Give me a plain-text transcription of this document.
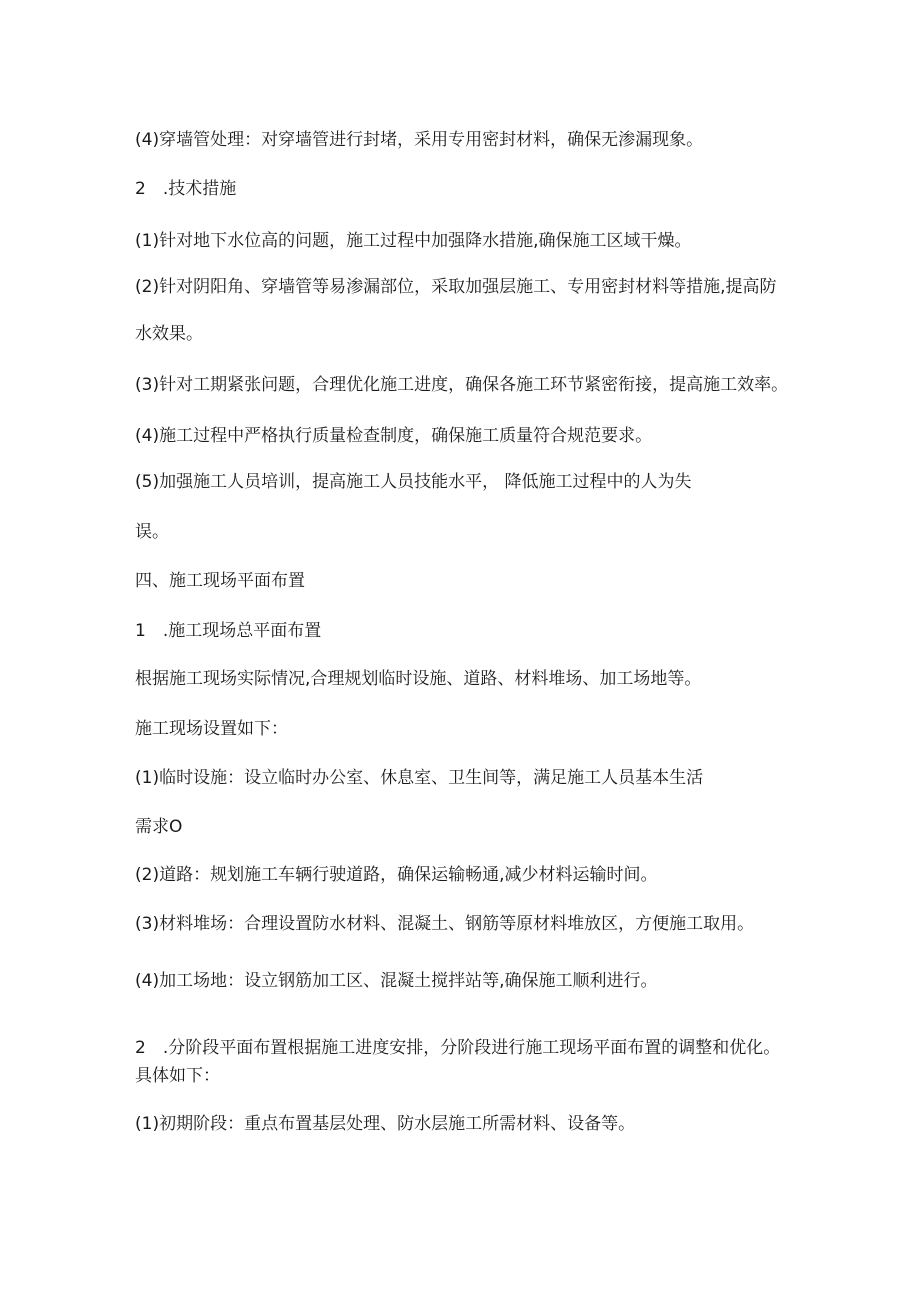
(4)穿墙管处理：对穿墙管进行封堵，采用专用密封材料，确保无渗漏现象。

2　.技术措施

(1)针对地下水位高的问题，施工过程中加强降水措施,确保施工区域干燥。

(2)针对阴阳角、穿墙管等易渗漏部位，采取加强层施工、专用密封材料等措施,提高防

水效果。

(3)针对工期紧张问题，合理优化施工进度，确保各施工环节紧密衔接，提高施工效率。

(4)施工过程中严格执行质量检查制度，确保施工质量符合规范要求。

(5)加强施工人员培训，提高施工人员技能水平， 降低施工过程中的人为失

误。

四、施工现场平面布置

1　.施工现场总平面布置

根据施工现场实际情况,合理规划临时设施、道路、材料堆场、加工场地等。

施工现场设置如下：

(1)临时设施：设立临时办公室、休息室、卫生间等，满足施工人员基本生活

需求O

(2)道路：规划施工车辆行驶道路，确保运输畅通,减少材料运输时间。

(3)材料堆场：合理设置防水材料、混凝土、钢筋等原材料堆放区，方便施工取用。

(4)加工场地：设立钢筋加工区、混凝土搅拌站等,确保施工顺利进行。

2　.分阶段平面布置根据施工进度安排，分阶段进行施工现场平面布置的调整和优化。

具体如下：

(1)初期阶段：重点布置基层处理、防水层施工所需材料、设备等。
